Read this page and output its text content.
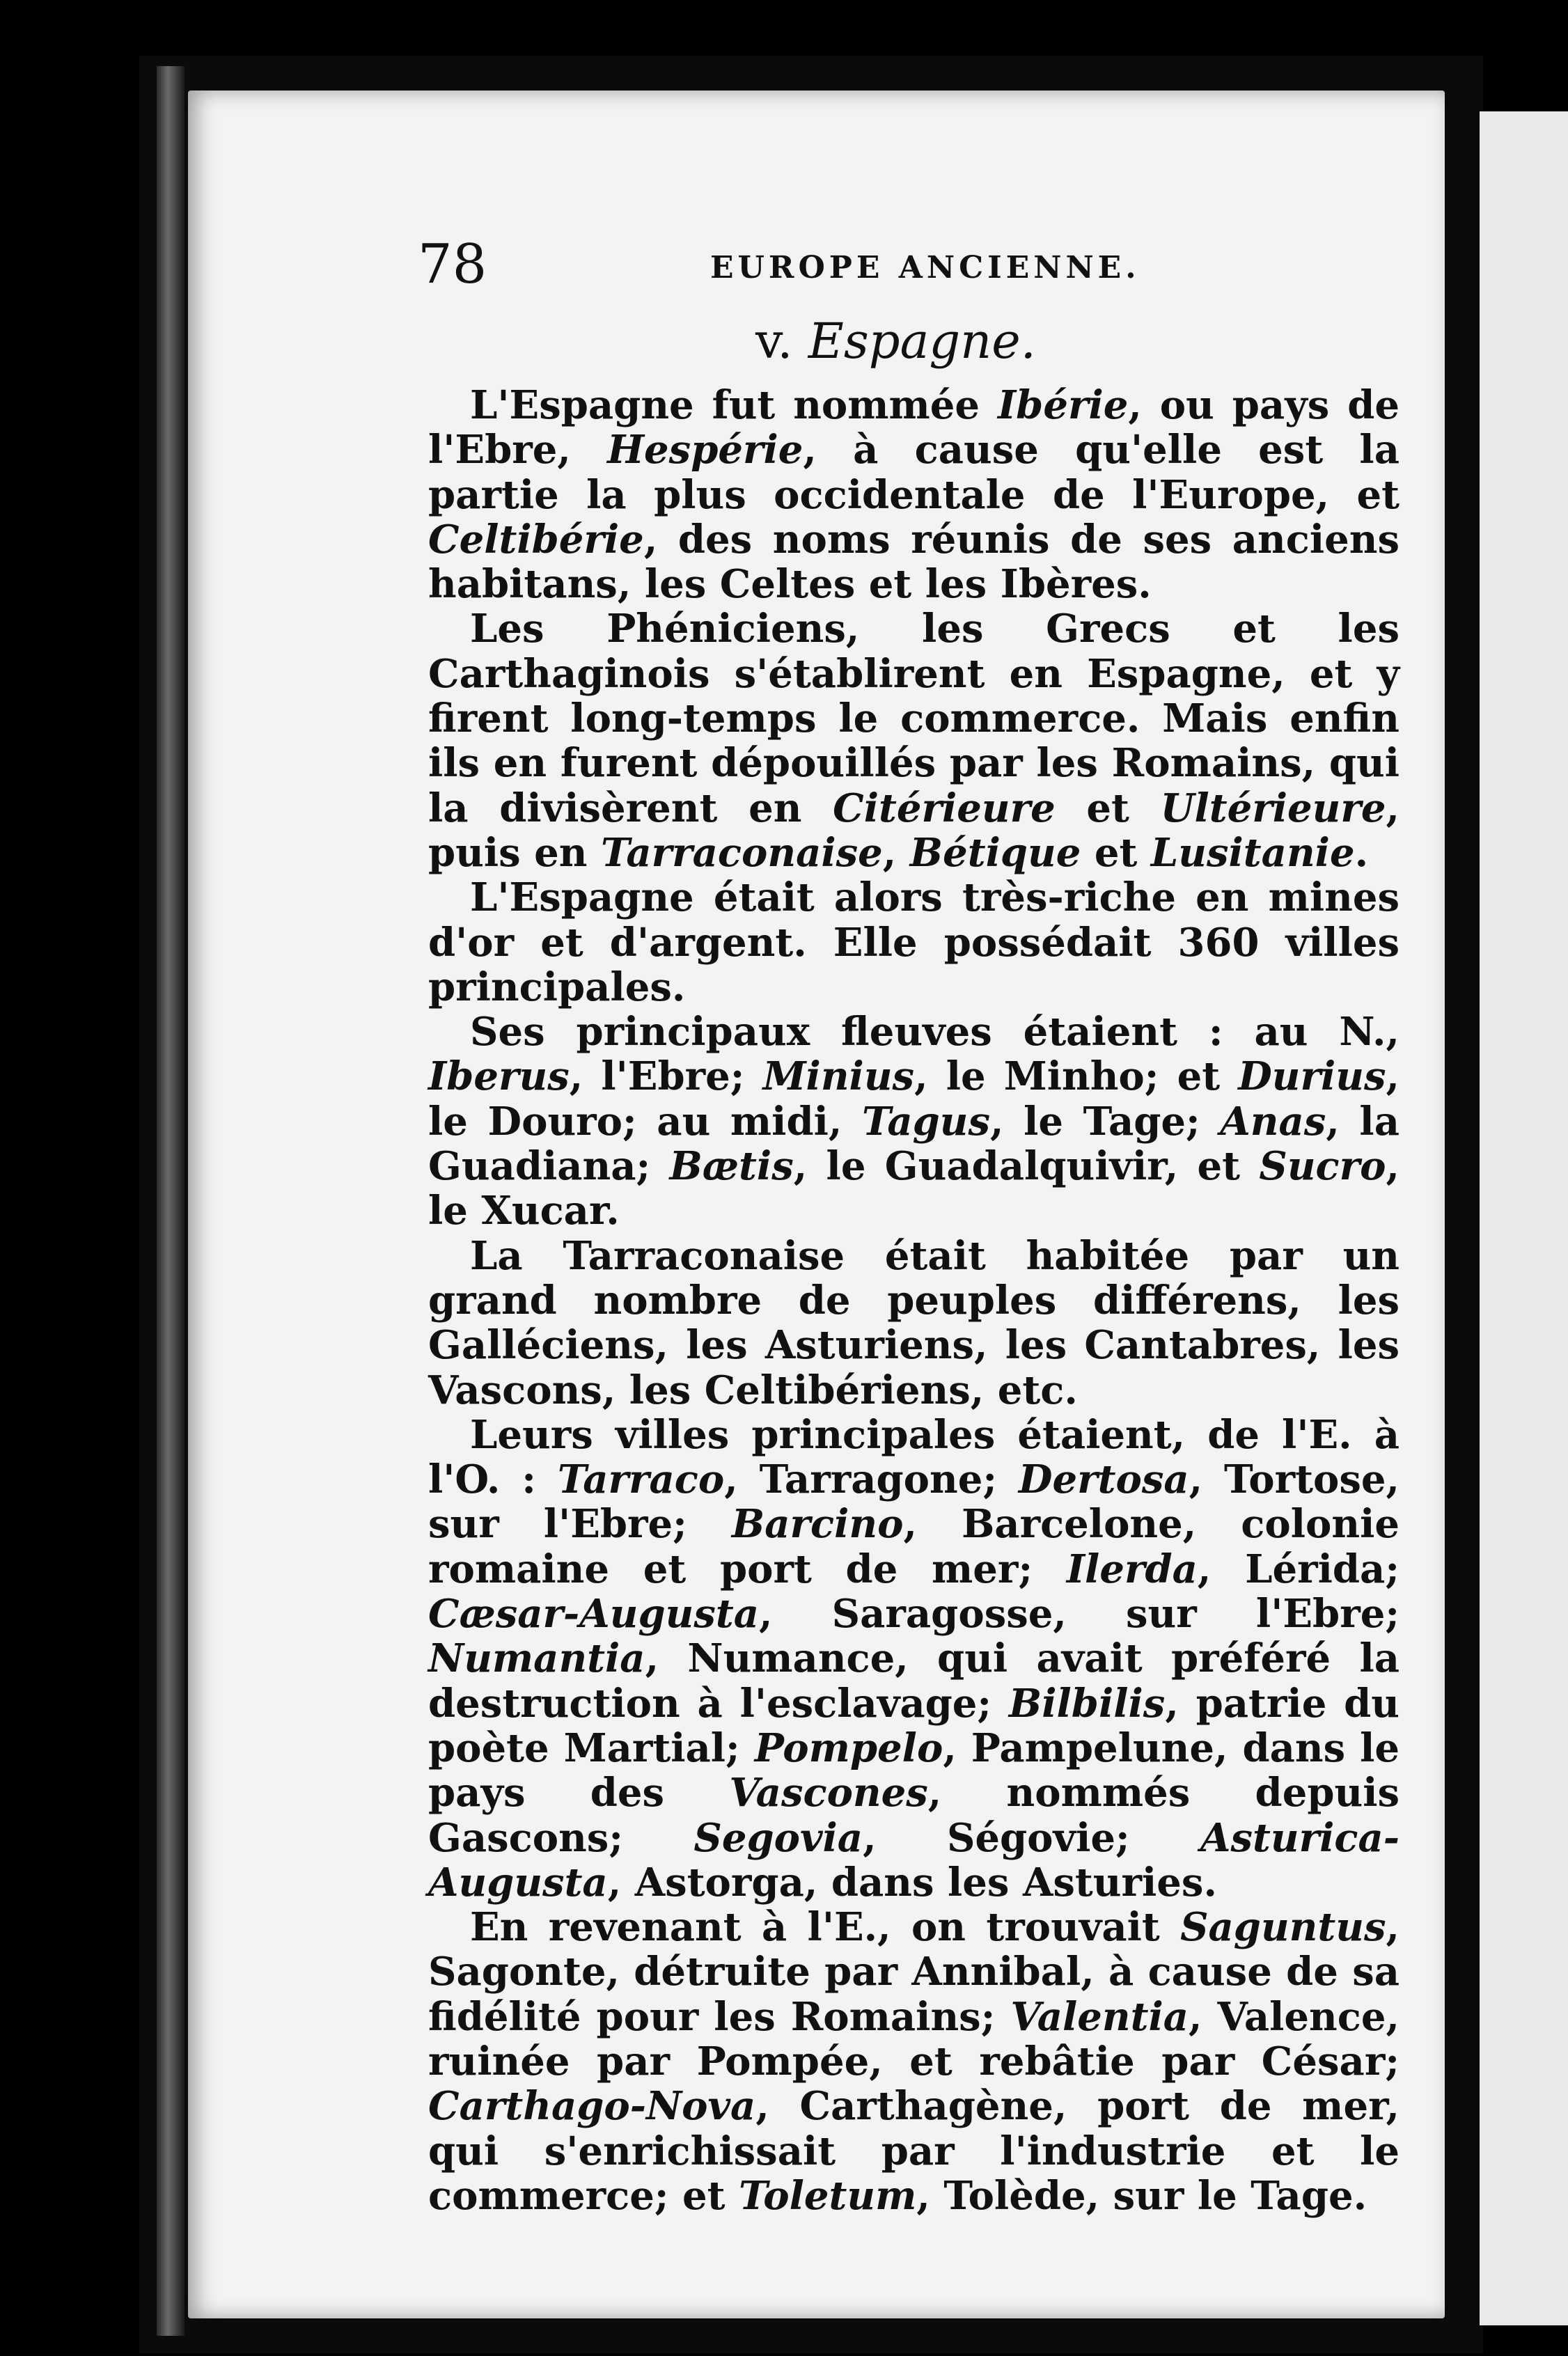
78	EUROPE ANCIENNE.
v. Espagne.

L'Espagne fut nommée Ibérie, ou pays de l'Ebre, Hespérie, à cause qu'elle est la partie la plus occidentale de l'Europe, et Celtibérie, des noms réunis de ses anciens habitans, les Celtes et les Ibères.

Les Phéniciens, les Grecs et les Carthaginois s'établirent en Espagne, et y firent long-temps le commerce. Mais enfin ils en furent dépouillés par les Romains, qui la divisèrent en Citérieure et Ultérieure, puis en Tarraconaise, Bétique et Lusitanie.

L'Espagne était alors très-riche en mines d'or et d'argent. Elle possédait 360 villes principales.

Ses principaux fleuves étaient : au N., Iberus, l'Ebre; Minius, le Minho; et Durius, le Douro; au midi, Tagus, le Tage; Anas, la Guadiana; Bætis, le Guadalquivir, et Sucro, le Xucar.

La Tarraconaise était habitée par un grand nombre de peuples différens, les Galléciens, les Asturiens, les Cantabres, les Vascons, les Celtibériens, etc.

Leurs villes principales étaient, de l'E. à l'O. : Tarraco, Tarragone; Dertosa, Tortose, sur l'Ebre; Barcino, Barcelone, colonie romaine et port de mer; Ilerda, Lérida; Cæsar-Augusta, Saragosse, sur l'Ebre; Numantia, Numance, qui avait préféré la destruction à l'esclavage; Bilbilis, patrie du poète Martial; Pompelo, Pampelune, dans le pays des Vascones, nommés depuis Gascons; Segovia, Ségovie; Asturica-Augusta, Astorga, dans les Asturies.

En revenant à l'E., on trouvait Saguntus, Sagonte, détruite par Annibal, à cause de sa fidélité pour les Romains; Valentia, Valence, ruinée par Pompée, et rebâtie par César; Carthago-Nova, Carthagène, port de mer, qui s'enrichissait par l'industrie et le commerce; et Toletum, Tolède, sur le Tage.
